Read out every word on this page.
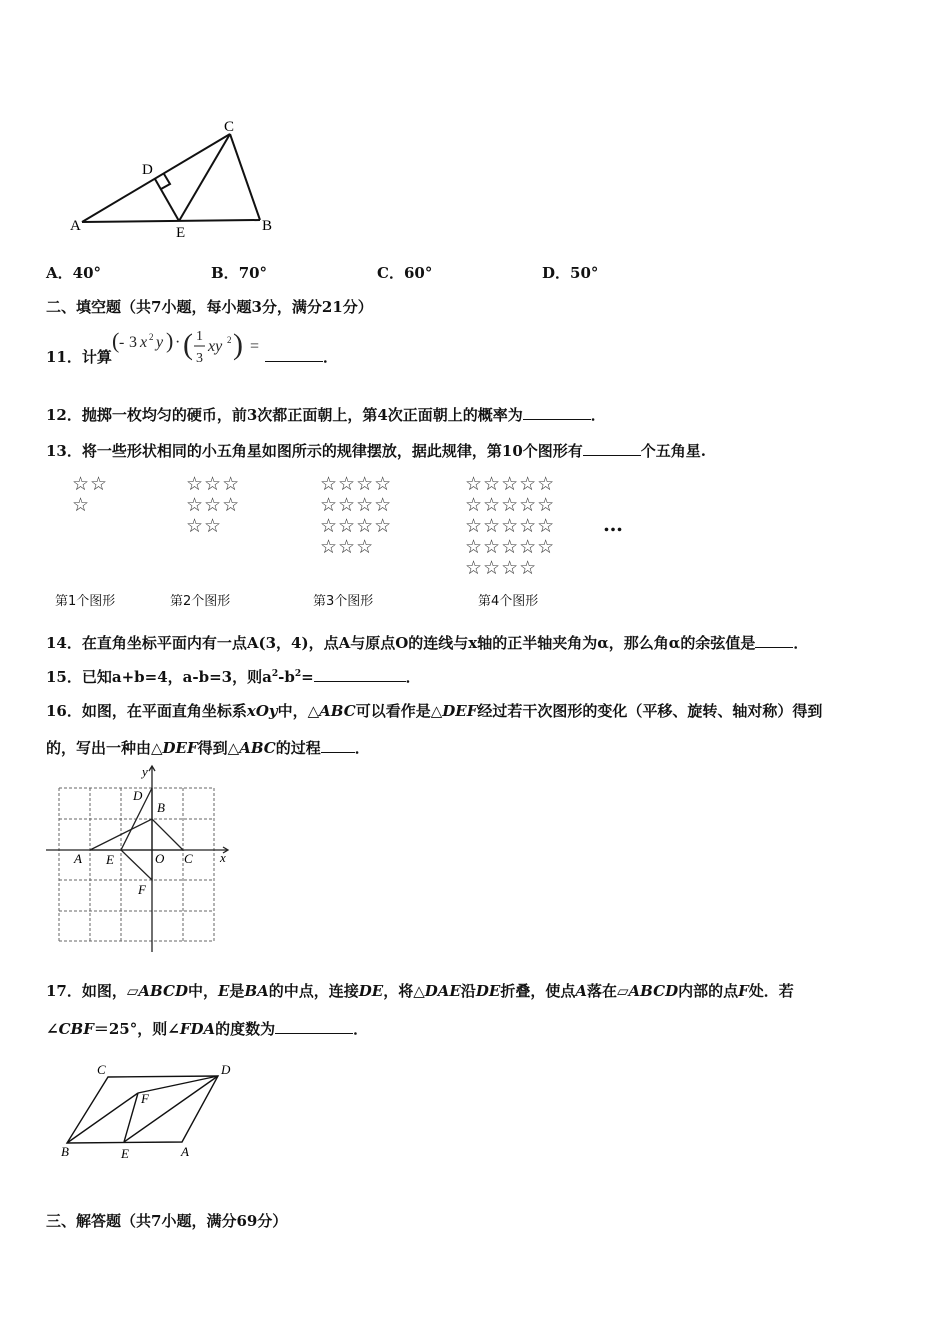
A	B
C
D
E
A．40°	B．70°	C．60°	D．50°
二、填空题（共7小题，每小题3分，满分21分）
11．计算
( - 3 x 2 y ) · ( 1
3
xy 2 ) =
．
12．抛掷一枚均匀的硬币，前3次都正面朝上，第4次正面朝上的概率为	．
13．将一些形状相同的小五角星如图所示的规律摆放，据此规律，第10个图形有	个五角星.
☆☆
☆
☆☆☆
☆☆☆
☆☆
☆☆☆☆
☆☆☆☆
☆☆☆☆
☆☆☆
☆☆☆☆☆
☆☆☆☆☆
☆☆☆☆☆
☆☆☆☆☆
☆☆☆☆
…
第1个图形	第2个图形	第3个图形	第4个图形
14．在直角坐标平面内有一点A(3，4)，点A与原点O的连线与x轴的正半轴夹角为α，那么角α的余弦值是	．
15．已知a+b=4，a-b=3，则$a^2-b^2=$	．
16．如图，在平面直角坐标系xOy中，△ABC可以看作是△DEF经过若干次图形的变化（平移、旋转、轴对称）得到
的，写出一种由△DEF得到△ABC的过程 ．
x
y
A
B
C
D
E
F
O
17．如图，▱ABCD中，E是BA的中点，连接DE，将△DAE沿DE折叠，使点A落在▱ABCD内部的点F处．若
∠CBF＝25°，则∠FDA的度数为	．
C	D
F
B	E	A
三、解答题（共7小题，满分69分）
